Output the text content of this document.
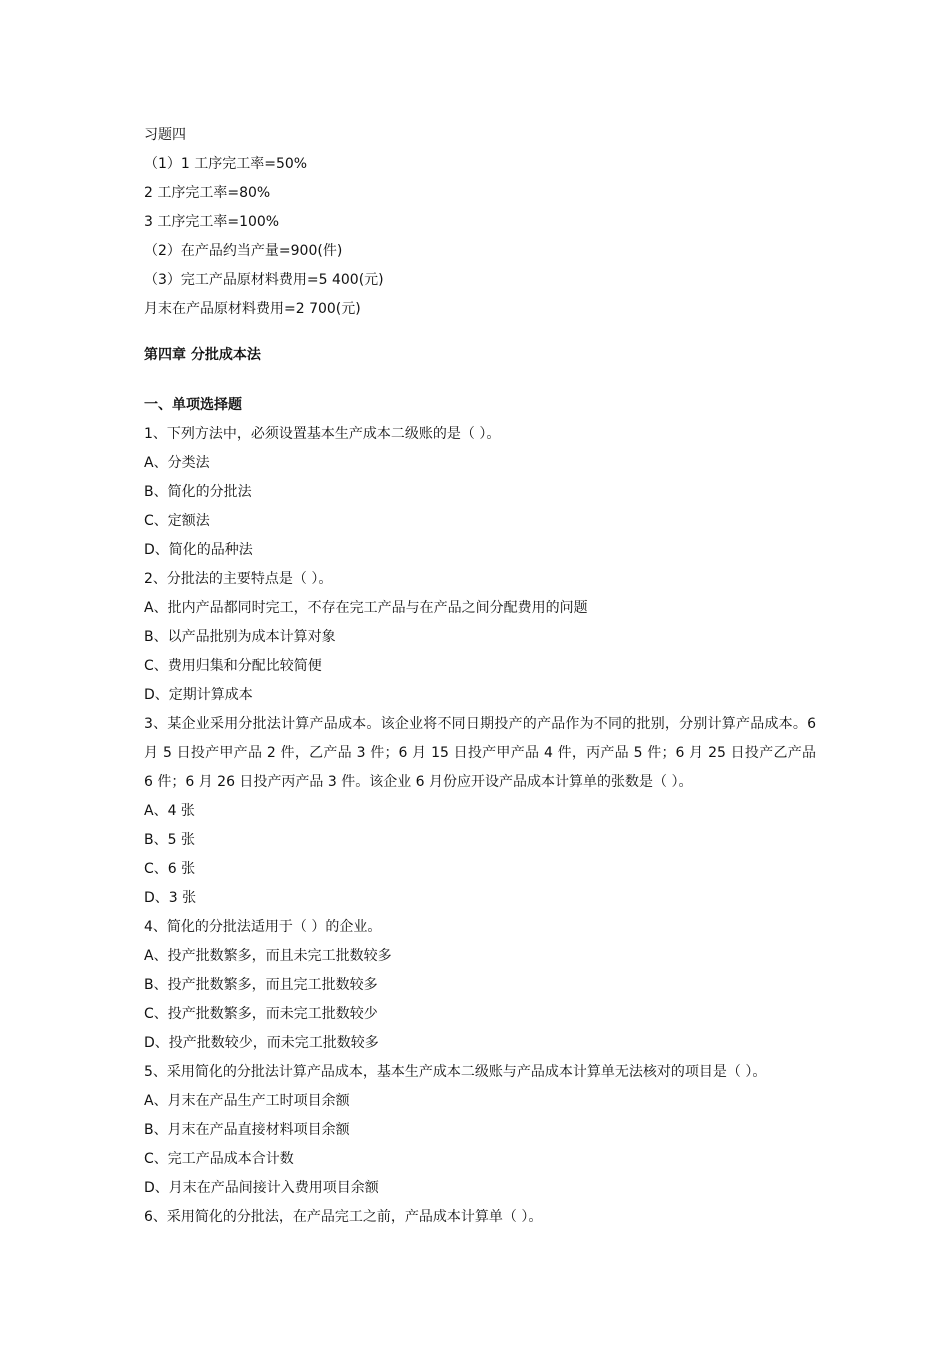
习题四
（1）1 工序完工率=50%
2 工序完工率=80%
3 工序完工率=100%
（2）在产品约当产量=900(件)
（3）完工产品原材料费用=5 400(元)
月末在产品原材料费用=2 700(元)
第四章 分批成本法
一、单项选择题
1、下列方法中，必须设置基本生产成本二级账的是（ ）。
A、分类法
B、简化的分批法
C、定额法
D、简化的品种法
2、分批法的主要特点是（ ）。
A、批内产品都同时完工，不存在完工产品与在产品之间分配费用的问题
B、以产品批别为成本计算对象
C、费用归集和分配比较简便
D、定期计算成本
3、某企业采用分批法计算产品成本。该企业将不同日期投产的产品作为不同的批别，分别计算产品成本。6 月 5 日投产甲产品 2 件，乙产品 3 件；6 月 15 日投产甲产品 4 件，丙产品 5 件；6 月 25 日投产乙产品 6 件；6 月 26 日投产丙产品 3 件。该企业 6 月份应开设产品成本计算单的张数是（ ）。
A、4 张
B、5 张
C、6 张
D、3 张
4、简化的分批法适用于（ ）的企业。
A、投产批数繁多，而且未完工批数较多
B、投产批数繁多，而且完工批数较多
C、投产批数繁多，而未完工批数较少
D、投产批数较少，而未完工批数较多
5、采用简化的分批法计算产品成本，基本生产成本二级账与产品成本计算单无法核对的项目是（ ）。
A、月末在产品生产工时项目余额
B、月末在产品直接材料项目余额
C、完工产品成本合计数
D、月末在产品间接计入费用项目余额
6、采用简化的分批法，在产品完工之前，产品成本计算单（ ）。
